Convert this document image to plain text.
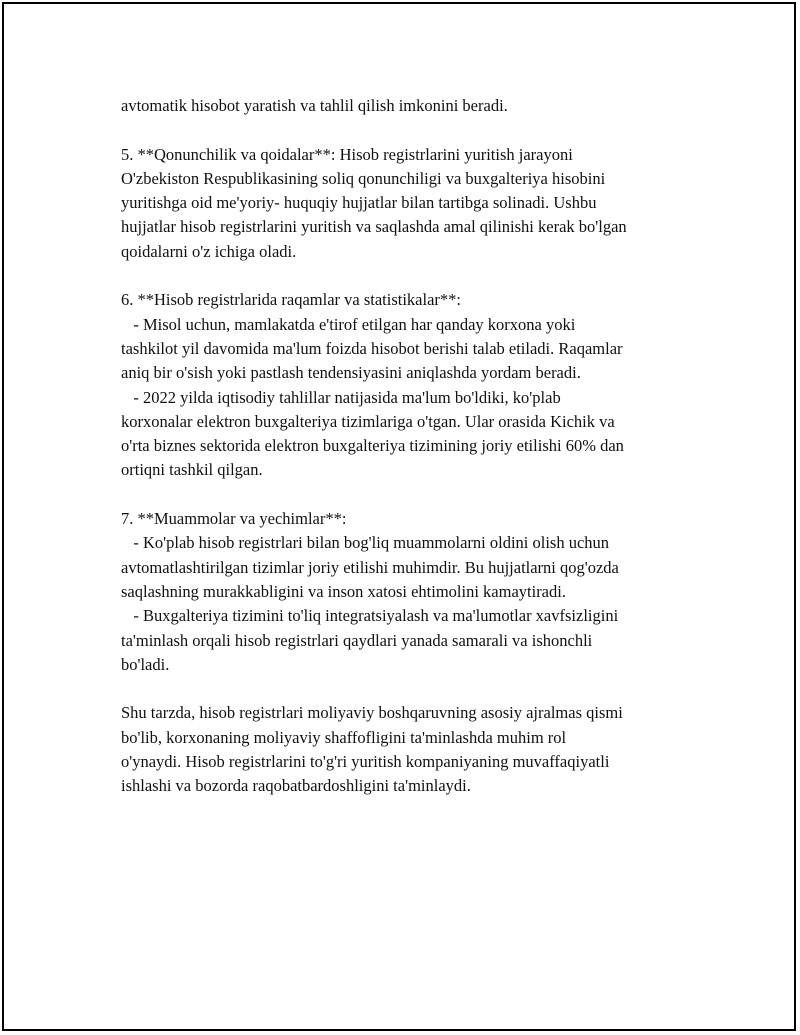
avtomatik hisobot yaratish va tahlil qilish imkonini beradi.
5. **Qonunchilik va qoidalar**: Hisob registrlarini yuritish jarayoni
O'zbekiston Respublikasining soliq qonunchiligi va buxgalteriya hisobini
yuritishga oid me'yoriy- huquqiy hujjatlar bilan tartibga solinadi. Ushbu
hujjatlar hisob registrlarini yuritish va saqlashda amal qilinishi kerak bo'lgan
qoidalarni o'z ichiga oladi.
6. **Hisob registrlarida raqamlar va statistikalar**:
- Misol uchun, mamlakatda e'tirof etilgan har qanday korxona yoki
tashkilot yil davomida ma'lum foizda hisobot berishi talab etiladi. Raqamlar
aniq bir o'sish yoki pastlash tendensiyasini aniqlashda yordam beradi.
- 2022 yilda iqtisodiy tahlillar natijasida ma'lum bo'ldiki, ko'plab
korxonalar elektron buxgalteriya tizimlariga o'tgan. Ular orasida Kichik va
o'rta biznes sektorida elektron buxgalteriya tizimining joriy etilishi 60% dan
ortiqni tashkil qilgan.
7. **Muammolar va yechimlar**:
- Ko'plab hisob registrlari bilan bog'liq muammolarni oldini olish uchun
avtomatlashtirilgan tizimlar joriy etilishi muhimdir. Bu hujjatlarni qog'ozda
saqlashning murakkabligini va inson xatosi ehtimolini kamaytiradi.
- Buxgalteriya tizimini to'liq integratsiyalash va ma'lumotlar xavfsizligini
ta'minlash orqali hisob registrlari qaydlari yanada samarali va ishonchli
bo'ladi.
Shu tarzda, hisob registrlari moliyaviy boshqaruvning asosiy ajralmas qismi
bo'lib, korxonaning moliyaviy shaffofligini ta'minlashda muhim rol
o'ynaydi. Hisob registrlarini to'g'ri yuritish kompaniyaning muvaffaqiyatli
ishlashi va bozorda raqobatbardoshligini ta'minlaydi.
